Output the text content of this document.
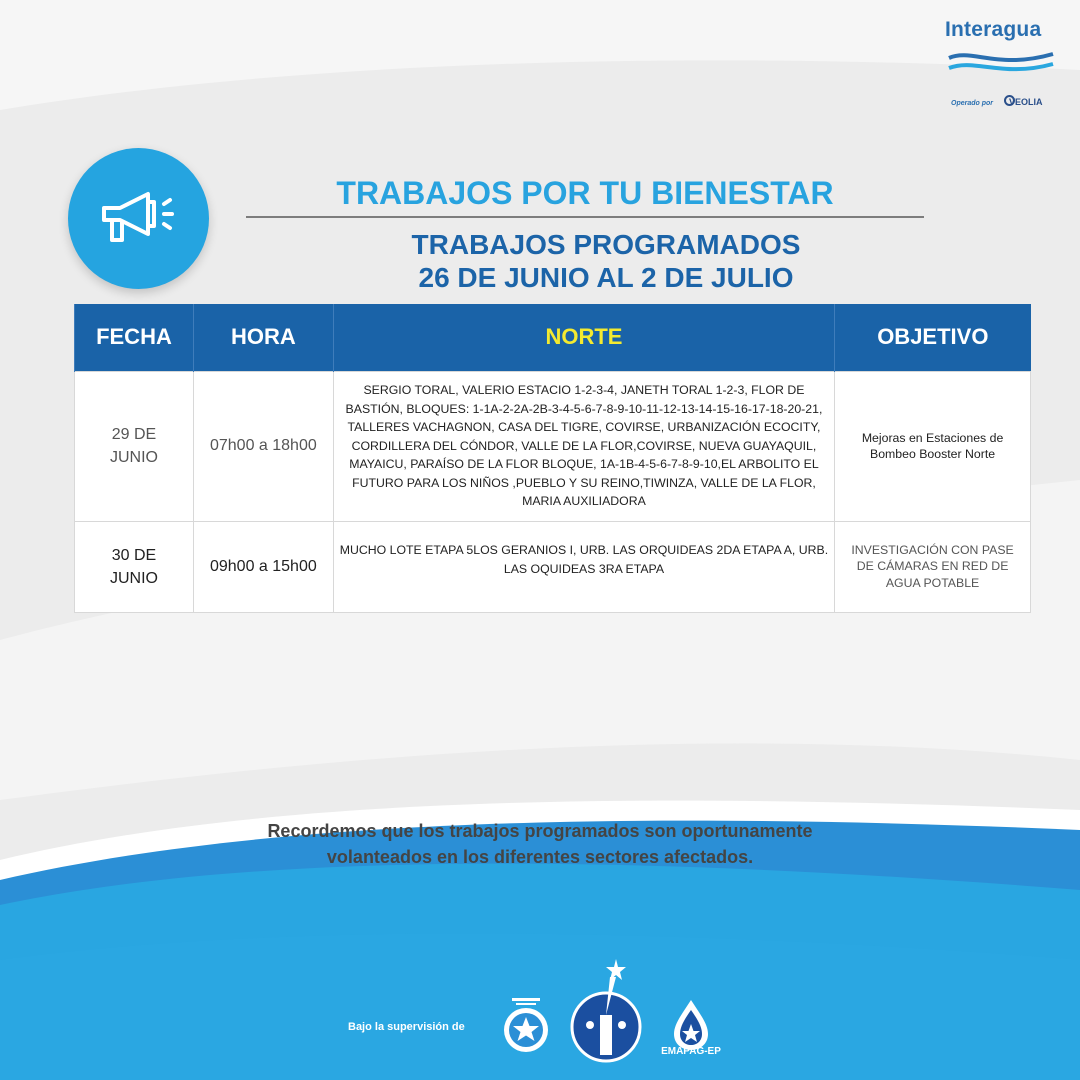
Interagua
Operado por VEOLIA
TRABAJOS POR TU BIENESTAR
TRABAJOS PROGRAMADOS
26 DE JUNIO AL 2 DE JULIO
FECHA	HORA	NORTE	OBJETIVO

29 DE
JUNIO	07h00 a 18h00	SERGIO TORAL, VALERIO ESTACIO 1-2-3-4, JANETH TORAL 1-2-3, FLOR DE BASTIÓN, BLOQUES: 1-1A-2-2A-2B-3-4-5-6-7-8-9-10-11-12-13-14-15-16-17-18-20-21, TALLERES VACHAGNON, CASA DEL TIGRE, COVIRSE, URBANIZACIÓN ECOCITY, CORDILLERA DEL CÓNDOR, VALLE DE LA FLOR,COVIRSE, NUEVA GUAYAQUIL, MAYAICU, PARAÍSO DE LA FLOR BLOQUE, 1A-1B-4-5-6-7-8-9-10,EL ARBOLITO EL FUTURO PARA LOS NIÑOS ,PUEBLO Y SU REINO,TIWINZA, VALLE DE LA FLOR, MARIA AUXILIADORA	Mejoras en Estaciones de Bombeo Booster Norte

30 DE
JUNIO	09h00 a 15h00	MUCHO LOTE ETAPA 5LOS GERANIOS I, URB. LAS ORQUIDEAS 2DA ETAPA A, URB. LAS OQUIDEAS 3RA ETAPA	INVESTIGACIÓN CON PASE DE CÁMARAS EN RED DE AGUA POTABLE
Recordemos que los trabajos programados son oportunamente
volanteados en los diferentes sectores afectados.
Bajo la supervisión de
EMAPAG-EP
